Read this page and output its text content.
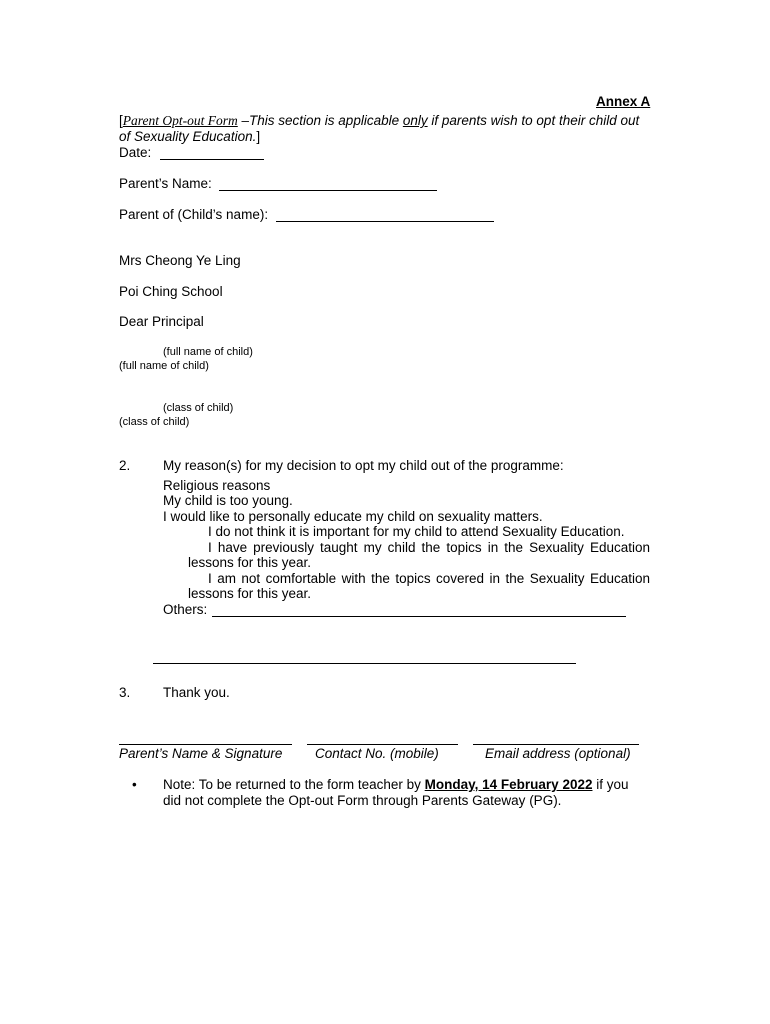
Annex A
[Parent Opt-out Form –This section is applicable only if parents wish to opt their child out
of Sexuality Education.]
Date:
Parent’s Name:
Parent of (Child’s name):
Mrs Cheong Ye Ling
Poi Ching School
Dear Principal
(full name of child)
(full name of child)
(class of child)
(class of child)
2. My reason(s) for my decision to opt my child out of the programme:
Religious reasons
My child is too young.
I would like to personally educate my child on sexuality matters.
I do not think it is important for my child to attend Sexuality Education.
I have previously taught my child the topics in the Sexuality Education
lessons for this year.
I am not comfortable with the topics covered in the Sexuality Education
lessons for this year.
Others:
3. Thank you.
Parent’s Name & Signature Contact No. (mobile)	Email address (optional)
• Note: To be returned to the form teacher by Monday, 14 February 2022 if you
did not complete the Opt-out Form through Parents Gateway (PG).
